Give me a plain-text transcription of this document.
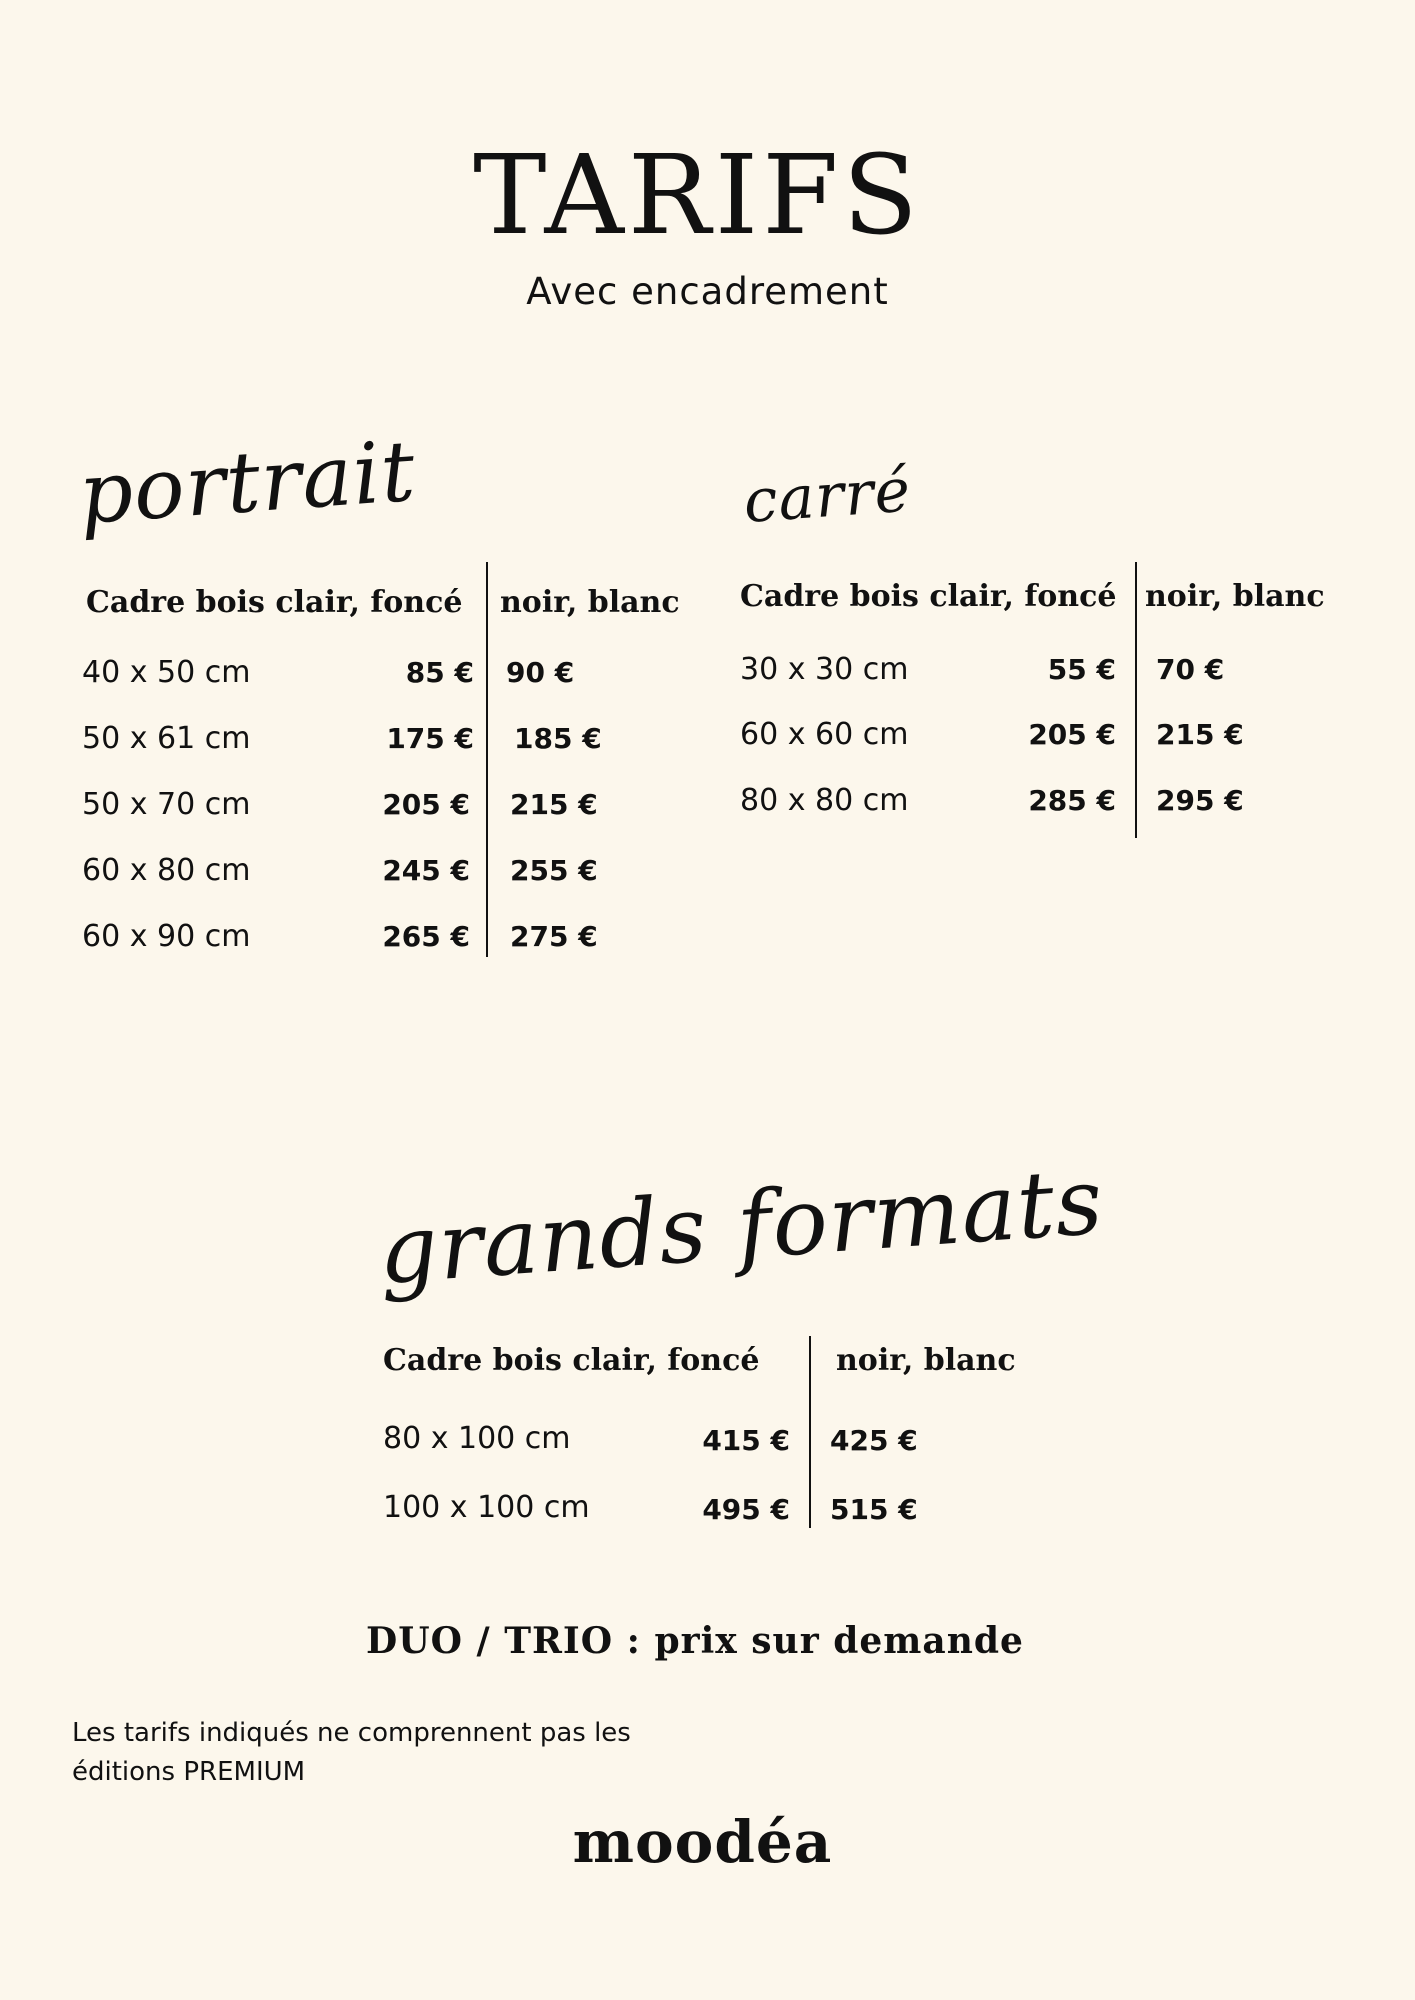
TARIFS
Avec encadrement
portrait
Cadre bois clair, foncé noir, blanc
40 x 50 cm	85 € 90 €
50 x 61 cm	175 € 185 €
50 x 70 cm	205 € 215 €
60 x 80 cm	245 € 255 €
60 x 90 cm	265 € 275 €
carré
Cadre bois clair, foncé noir, blanc
30 x 30 cm	55 € 70 €
60 x 60 cm	205 € 215 €
80 x 80 cm	285 € 295 €
grands formats
Cadre bois clair, foncé	noir, blanc
80 x 100 cm	415 € 425 €
100 x 100 cm	495 € 515 €
DUO / TRIO : prix sur demande
Les tarifs indiqués ne comprennent pas les
éditions PREMIUM
moodéa
